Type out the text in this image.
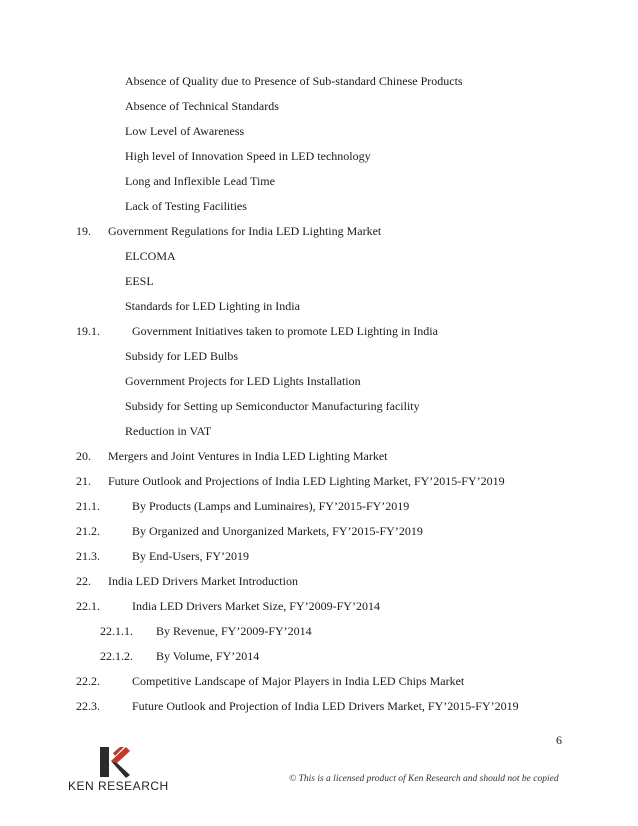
Absence of Quality due to Presence of Sub-standard Chinese Products
Absence of Technical Standards
Low Level of Awareness
High level of Innovation Speed in LED technology
Long and Inflexible Lead Time
Lack of Testing Facilities
19. Government Regulations for India LED Lighting Market
ELCOMA
EESL
Standards for LED Lighting in India
19.1.	Government Initiatives taken to promote LED Lighting in India
Subsidy for LED Bulbs
Government Projects for LED Lights Installation
Subsidy for Setting up Semiconductor Manufacturing facility
Reduction in VAT
20. Mergers and Joint Ventures in India LED Lighting Market
21. Future Outlook and Projections of India LED Lighting Market, FY’2015-FY’2019
21.1.	By Products (Lamps and Luminaires), FY’2015-FY’2019
21.2.	By Organized and Unorganized Markets, FY’2015-FY’2019
21.3.	By End-Users, FY’2019
22. India LED Drivers Market Introduction
22.1.	India LED Drivers Market Size, FY’2009-FY’2014
22.1.1. By Revenue, FY’2009-FY’2014
22.1.2. By Volume, FY’2014
22.2.	Competitive Landscape of Major Players in India LED Chips Market
22.3.	Future Outlook and Projection of India LED Drivers Market, FY’2015-FY’2019
6
KEN RESEARCH	© This is a licensed product of Ken Research and should not be copied
